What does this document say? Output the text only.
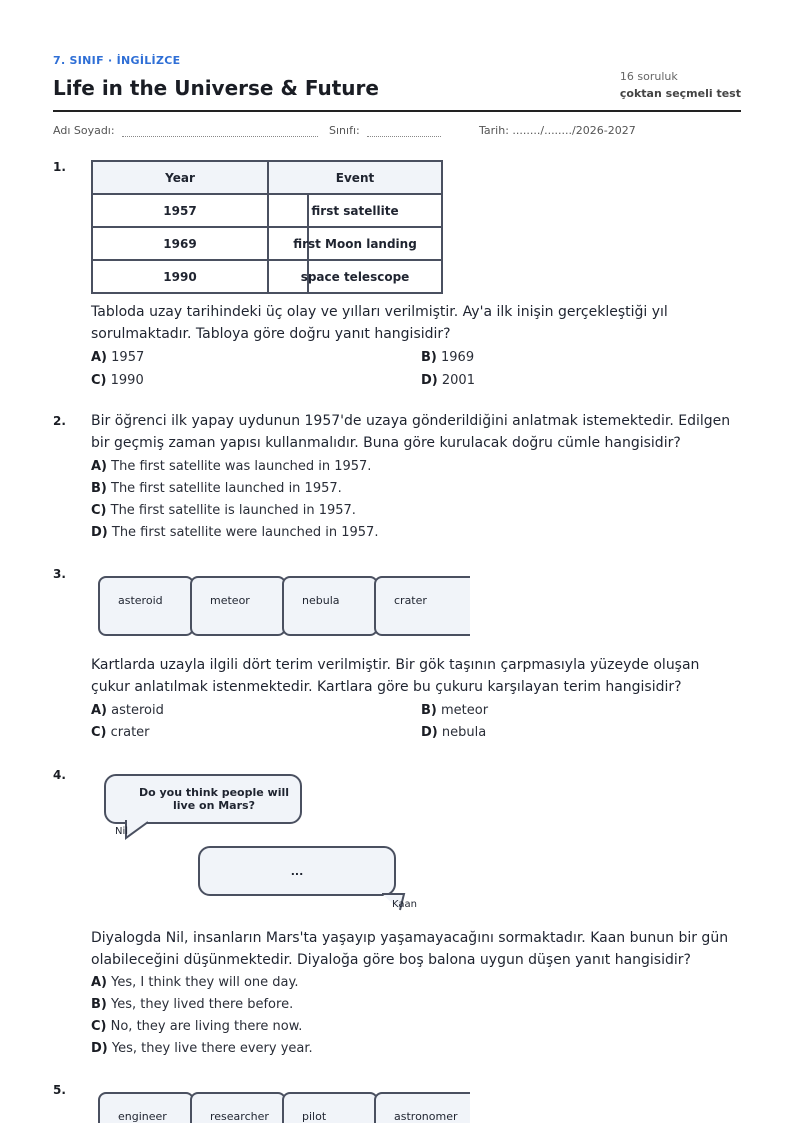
7. SINIF · İNGİLİZCE
Life in the Universe & Future	16 soruluk
çoktan seçmeli test
Adı Soyadı:	Sınıfı:	Tarih: ......../......../2026-2027
1.
Year	Event
1957	first satellite
1969	first Moon landing
1990	space telescope
Tabloda uzay tarihindeki üç olay ve yılları verilmiştir. Ay'a ilk inişin gerçekleştiği yıl sorulmaktadır. Tabloya göre doğru yanıt hangisidir?
A) 1957	B) 1969
C) 1990	D) 2001
2. Bir öğrenci ilk yapay uydunun 1957'de uzaya gönderildiğini anlatmak istemektedir. Edilgen bir geçmiş zaman yapısı kullanmalıdır. Buna göre kurulacak doğru cümle hangisidir?
A) The first satellite was launched in 1957.
B) The first satellite launched in 1957.
C) The first satellite is launched in 1957.
D) The first satellite were launched in 1957.
3.
asteroid	meteor	nebula	crater
Kartlarda uzayla ilgili dört terim verilmiştir. Bir gök taşının çarpmasıyla yüzeyde oluşan çukur anlatılmak istenmektedir. Kartlara göre bu çukuru karşılayan terim hangisidir?
A) asteroid	B) meteor
C) crater	D) nebula
4.
Do you think people will live on Mars?
Nil
...
Kaan
Diyalogda Nil, insanların Mars'ta yaşayıp yaşamayacağını sormaktadır. Kaan bunun bir gün olabileceğini düşünmektedir. Diyaloğa göre boş balona uygun düşen yanıt hangisidir?
A) Yes, I think they will one day.
B) Yes, they lived there before.
C) No, they are living there now.
D) Yes, they live there every year.
5.
engineer	researcher	pilot	astronomer
